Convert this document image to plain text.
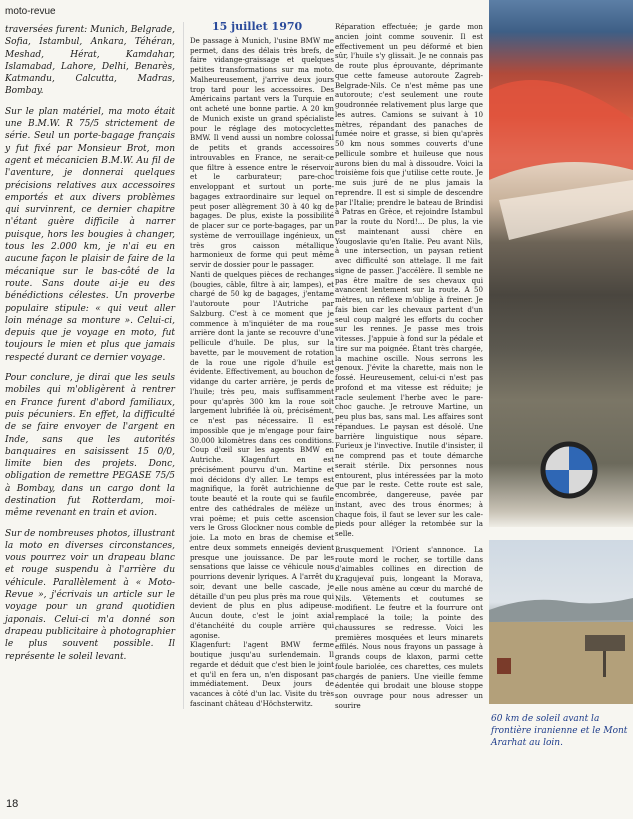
moto-revue

traversées furent: Munich, Belgrade, Sofia, Istambul, Ankara, Téhéran, Meshad, Hérat, Kamdahar, Islamabad, Lahore, Delhi, Benarès, Katmandu, Calcutta, Madras, Bombay.

Sur le plan matériel, ma moto était une B.M.W. R 75/5 strictement de série. Seul un porte-bagage français y fut fixé par Monsieur Brot, mon agent et mécanicien B.M.W. Au fil de l'aventure, je donnerai quelques précisions relatives aux accessoires emportés et aux divers problèmes qui survinrent, ce dernier chapitre n'étant guère difficile à narrer puisque, hors les bougies à changer, tous les 2.000 km, je n'ai eu en aucune façon le plaisir de faire de la mécanique sur le bas-côté de la route. Sans doute ai-je eu des bénédictions célestes. Un proverbe populaire stipule: « qui veut aller loin ménage sa monture ». Celui-ci, depuis que je voyage en moto, fut toujours le mien et plus que jamais respecté durant ce dernier voyage.

Pour conclure, je dirai que les seuls mobiles qui m'obligèrent à rentrer en France furent d'abord familiaux, puis pécuniers. En effet, la difficulté de se faire envoyer de l'argent en Inde, sans que les autorités banquaires en saisissent 15 0/0, limite bien des projets. Donc, obligation de remettre PEGASE 75/5 à Bombay, dans un cargo dont la destination fut Rotterdam, moi-même revenant en train et avion.

Sur de nombreuses photos, illustrant la moto en diverses circonstances, vous pourrez voir un drapeau blanc et rouge suspendu à l'arrière du véhicule. Parallèlement à « Moto-Revue », j'écrivais un article sur le voyage pour un grand quotidien japonais. Celui-ci m'a donné son drapeau publicitaire à photographier le plus souvent possible. Il représente le soleil levant.

15 juillet 1970

De passage à Munich, l'usine BMW me permet, dans des délais très brefs, de faire vidange-graissage et quelques petites transformations sur ma moto. Malheureusement, j'arrive deux jours trop tard pour les accessoires. Des Américains partant vers la Turquie en ont acheté une bonne partie. A 20 km de Munich existe un grand spécialiste pour le réglage des motocyclettes BMW. Il vend aussi un nombre colossal de petits et grands accessoires introuvables en France, ne serait-ce que filtre à essence entre le réservoir et le carburateur; pare-choc enveloppant et surtout un porte-bagages extraordinaire sur lequel on peut poser allègrement 30 à 40 kg de bagages. De plus, existe la possibilité de placer sur ce porte-bagages, par un système de verrouillage ingénieux, un très gros caisson métallique harmonieux de forme qui peut même servir de dossier pour le passager.

Nanti de quelques pièces de rechanges (bougies, câble, filtre à air, lampes), et chargé de 50 kg de bagages, j'entame l'autoroute pour l'Autriche par Salzburg. C'est à ce moment que je commence à m'inquiéter de ma roue arrière dont la jante se recouvre d'une pellicule d'huile. De plus, sur la bavette, par le mouvement de rotation de la roue une rigole d'huile est évidente. Effectivement, au bouchon de vidange du carter arrière, je perds de l'huile; très peu, mais suffisamment pour qu'après 300 km la roue soit largement lubrifiée là où, précisément, ce n'est pas nécessaire. Il est impossible que je m'engage pour faire 30.000 kilomètres dans ces conditions. Coup d'œil sur les agents BMW en Autriche. Klagenfurt en est précisément pourvu d'un. Martine et moi décidons d'y aller. Le temps est magnifique, la forêt autrichienne de toute beauté et la route qui se faufile entre des cathédrales de mélèze un vrai poème; et puis cette ascension vers le Gross Glockner nous comble de joie. La moto en bras de chemise et entre deux sommets enneigés devient presque une jouissance. De par les sensations que laisse ce véhicule nous pourrions devenir lyriques. A l'arrêt du soir, devant une belle cascade, je détaille d'un peu plus près ma roue qui devient de plus en plus adipeuse. Aucun doute, c'est le joint axial d'étanchéité du couple arrière qui agonise.

Klagenfurt: l'agent BMW ferme boutique jusqu'au surlendemain. Il regarde et déduit que c'est bien le joint et qu'il en fera un, n'en disposant pas immédiatement. Deux jours de vacances à côté d'un lac. Visite du très fascinant château d'Höchsterwitz.

Réparation effectuée; je garde mon ancien joint comme souvenir. Il est effectivement un peu déformé et bien sûr, l'huile s'y glissait. Je ne connais pas de route plus éprouvante, déprimante que cette fameuse autoroute Zagreb-Belgrade-Nils. Ce n'est même pas une autoroute; c'est seulement une route goudronnée relativement plus large que les autres. Camions se suivant à 10 mètres, répandant des panaches de fumée noire et grasse, si bien qu'après 50 km nous sommes couverts d'une pellicule sombre et huileuse que nous aurons bien du mal à dissoudre. Voici la troisième fois que j'utilise cette route. Je me suis juré de ne plus jamais la reprendre. Il est si simple de descendre par l'Italie; prendre le bateau de Brindisi à Patras en Grèce, et rejoindre Istambul par la route du Nord!... De plus, la vie est maintenant aussi chère en Yougoslavie qu'en Italie. Peu avant Nils, à une intersection, un paysan retient avec difficulté son attelage. Il me fait signe de passer. J'accélère. Il semble ne pas être maître de ses chevaux qui avancent lentement sur la route. A 50 mètres, un réflexe m'oblige à freiner. Je fais bien car les chevaux partent d'un seul coup malgré les efforts du cocher sur les rennes. Je passe mes trois vitesses. J'appuie à fond sur la pédale et tire sur ma poignée. Étant très chargée, la machine oscille. Nous serrons les genoux. J'évite la charette, mais non le fossé. Heureusement, celui-ci n'est pas profond et ma vitesse est réduite; je racle seulement l'herbe avec le pare-choc gauche. Je retrouve Martine, un peu plus bas, sans mal. Les affaires sont répandues. Le paysan est désolé. Une barrière linguistique nous sépare. Furieux je l'invective. Inutile d'insister, il ne comprend pas et toute démarche serait stérile. Dix personnes nous entourent, plus intéressées par la moto que par le reste. Cette route est sale, encombrée, dangereuse, pavée par instant, avec des trous énormes; à chaque fois, il faut se lever sur les cale-pieds pour alléger la retombée sur la selle.

Brusquement l'Orient s'annonce. La route mord le rocher, se tortille dans d'aimables collines en direction de Kragujevaï puis, longeant la Morava, elle nous amène au cœur du marché de Nils. Vêtements et coutumes se modifient. Le feutre et la fourrure ont remplacé la toile; la pointe des chaussures se redresse. Voici les premières mosquées et leurs minarets effilés. Nous nous frayons un passage à grands coups de klaxon, parmi cette foule bariolée, ces charettes, ces mulets chargés de paniers. Une vieille femme édentée qui brodait une blouse stoppe son ouvrage pour nous adresser un sourire

60 km de soleil avant la frontière iranienne et le Mont Ararhat au loin.
18
